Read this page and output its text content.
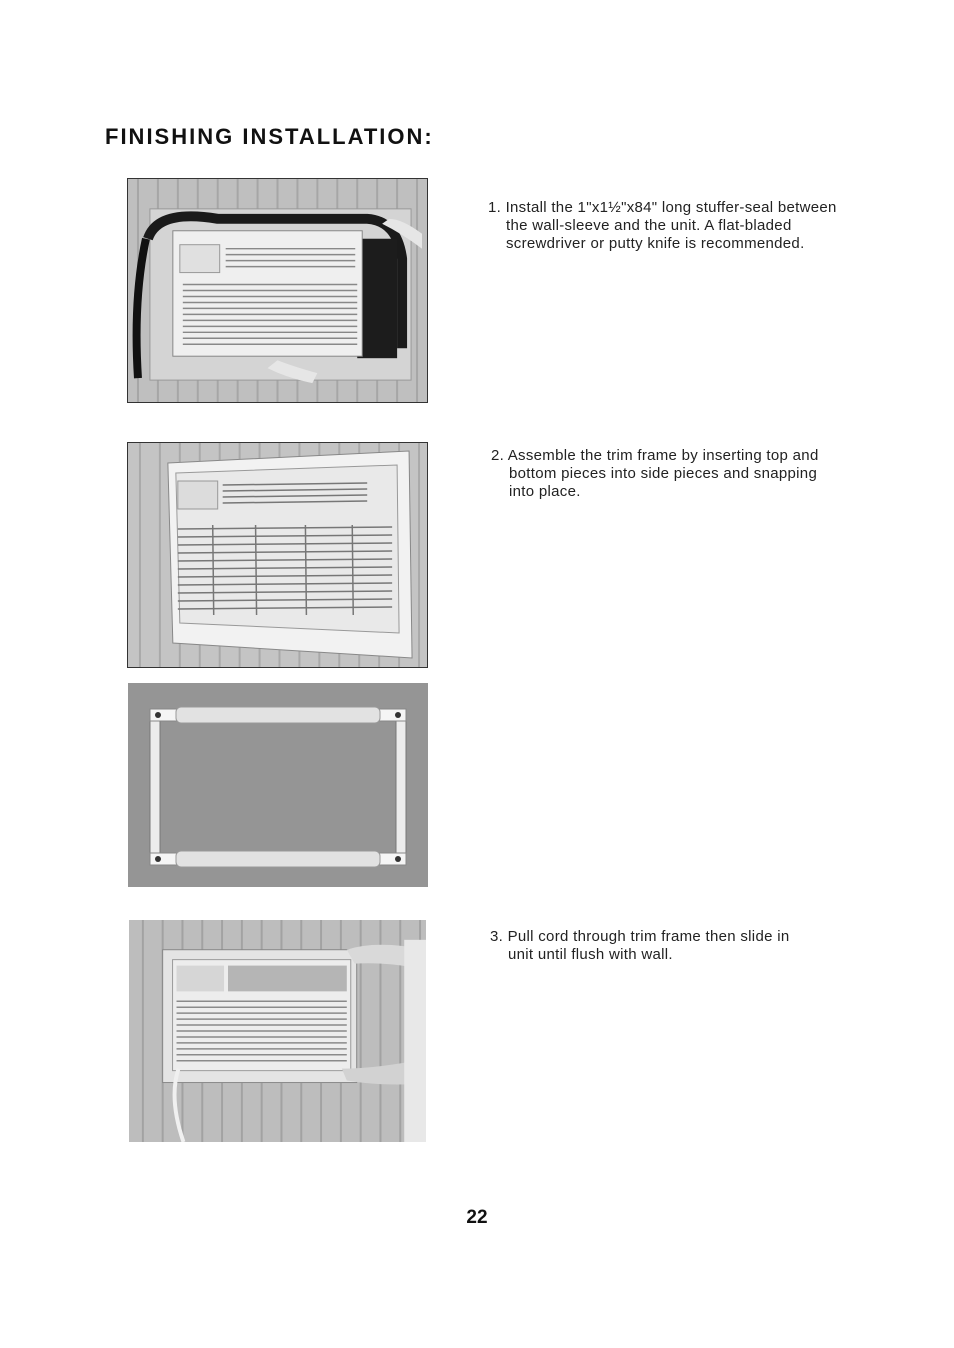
FINISHING INSTALLATION:
1. Install the 1"x1½"x84" long stuffer-seal between
the wall-sleeve and the unit. A flat-bladed
screwdriver or putty knife is recommended.
2. Assemble the trim frame by inserting top and
bottom pieces into side pieces and snapping
into place.
3. Pull cord through trim frame then slide in
unit until flush with wall.
22
